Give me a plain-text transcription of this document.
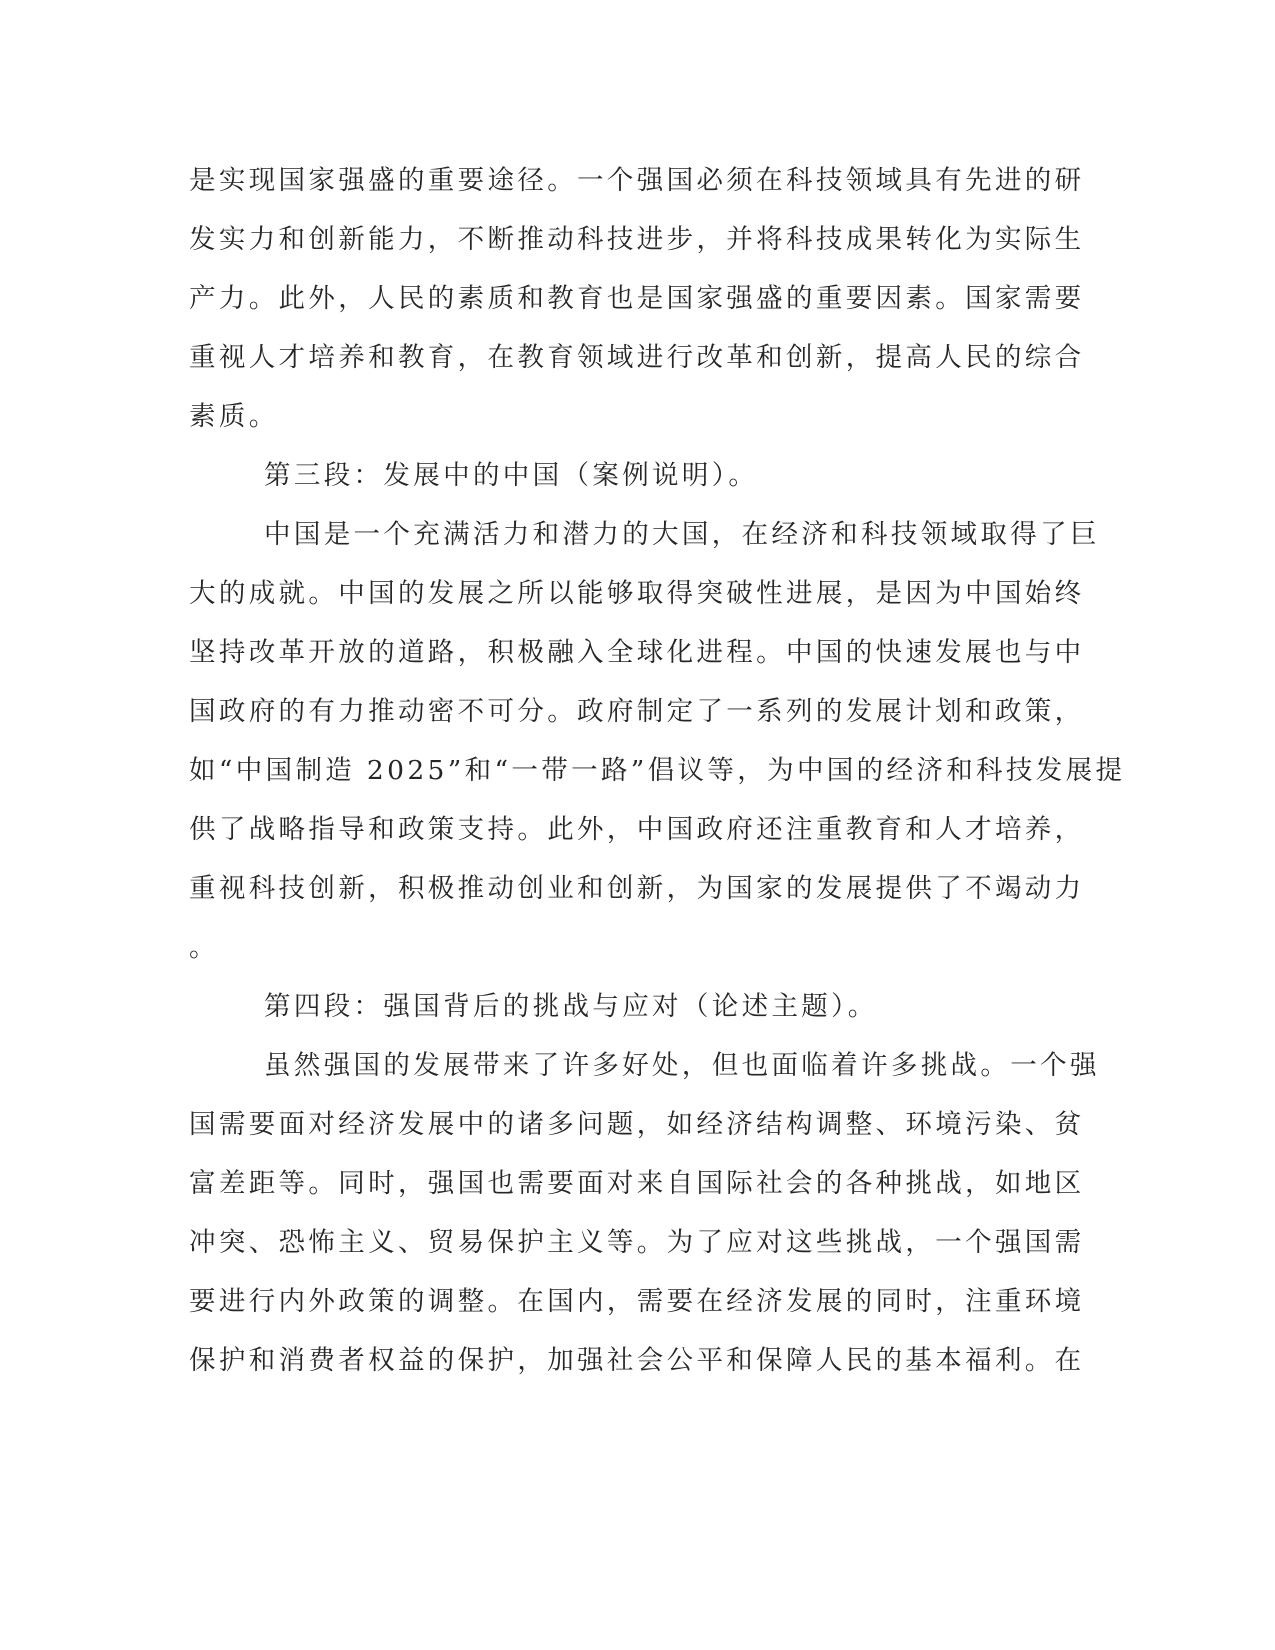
是实现国家强盛的重要途径。一个强国必须在科技领域具有先进的研

发实力和创新能力，不断推动科技进步，并将科技成果转化为实际生

产力。此外，人民的素质和教育也是国家强盛的重要因素。国家需要

重视人才培养和教育，在教育领域进行改革和创新，提高人民的综合

素质。

第三段：发展中的中国（案例说明）。

中国是一个充满活力和潜力的大国，在经济和科技领域取得了巨

大的成就。中国的发展之所以能够取得突破性进展，是因为中国始终

坚持改革开放的道路，积极融入全球化进程。中国的快速发展也与中

国政府的有力推动密不可分。政府制定了一系列的发展计划和政策，

如“中国制造 2025”和“一带一路”倡议等，为中国的经济和科技发展提

供了战略指导和政策支持。此外，中国政府还注重教育和人才培养，

重视科技创新，积极推动创业和创新，为国家的发展提供了不竭动力

。

第四段：强国背后的挑战与应对（论述主题）。

虽然强国的发展带来了许多好处，但也面临着许多挑战。一个强

国需要面对经济发展中的诸多问题，如经济结构调整、环境污染、贫

富差距等。同时，强国也需要面对来自国际社会的各种挑战，如地区

冲突、恐怖主义、贸易保护主义等。为了应对这些挑战，一个强国需

要进行内外政策的调整。在国内，需要在经济发展的同时，注重环境

保护和消费者权益的保护，加强社会公平和保障人民的基本福利。在
